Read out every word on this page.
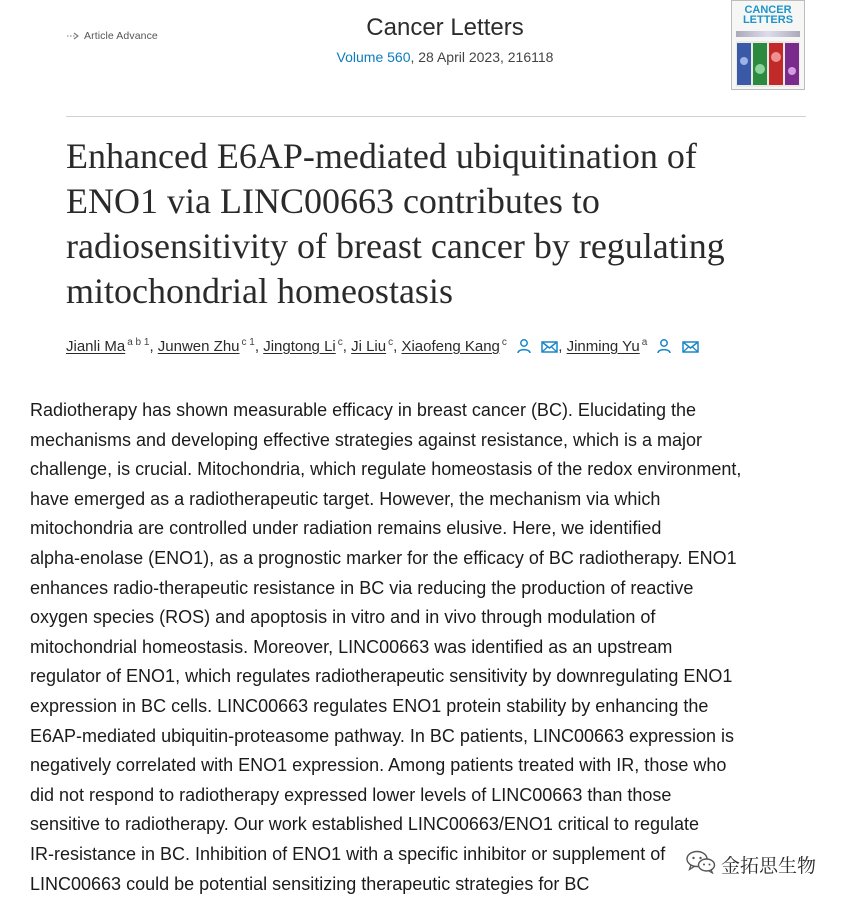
Article Advance	Cancer Letters
Volume 560, 28 April 2023, 216118
CANCER
LETTERS
Enhanced E6AP-mediated ubiquitination of
ENO1 via LINC00663 contributes to
radiosensitivity of breast cancer by regulating
mitochondrial homeostasis
Jianli Ma $^{a b 1}$, Junwen Zhu $^{c 1}$, Jingtong Li $^c$, Ji Liu $^c$, Xiaofeng Kang $^c$	, Jinming Yu $^a$
Radiotherapy has shown measurable efficacy in breast cancer (BC). Elucidating the
mechanisms and developing effective strategies against resistance, which is a major
challenge, is crucial. Mitochondria, which regulate homeostasis of the redox environment,
have emerged as a radiotherapeutic target. However, the mechanism via which
mitochondria are controlled under radiation remains elusive. Here, we identified
alpha-enolase (ENO1), as a prognostic marker for the efficacy of BC radiotherapy. ENO1
enhances radio-therapeutic resistance in BC via reducing the production of reactive
oxygen species (ROS) and apoptosis in vitro and in vivo through modulation of
mitochondrial homeostasis. Moreover, LINC00663 was identified as an upstream
regulator of ENO1, which regulates radiotherapeutic sensitivity by downregulating ENO1
expression in BC cells. LINC00663 regulates ENO1 protein stability by enhancing the
E6AP-mediated ubiquitin-proteasome pathway. In BC patients, LINC00663 expression is
negatively correlated with ENO1 expression. Among patients treated with IR, those who
did not respond to radiotherapy expressed lower levels of LINC00663 than those
sensitive to radiotherapy. Our work established LINC00663/ENO1 critical to regulate
IR-resistance in BC. Inhibition of ENO1 with a specific inhibitor or supplement of
LINC00663 could be potential sensitizing therapeutic strategies for BC
金拓思生物
